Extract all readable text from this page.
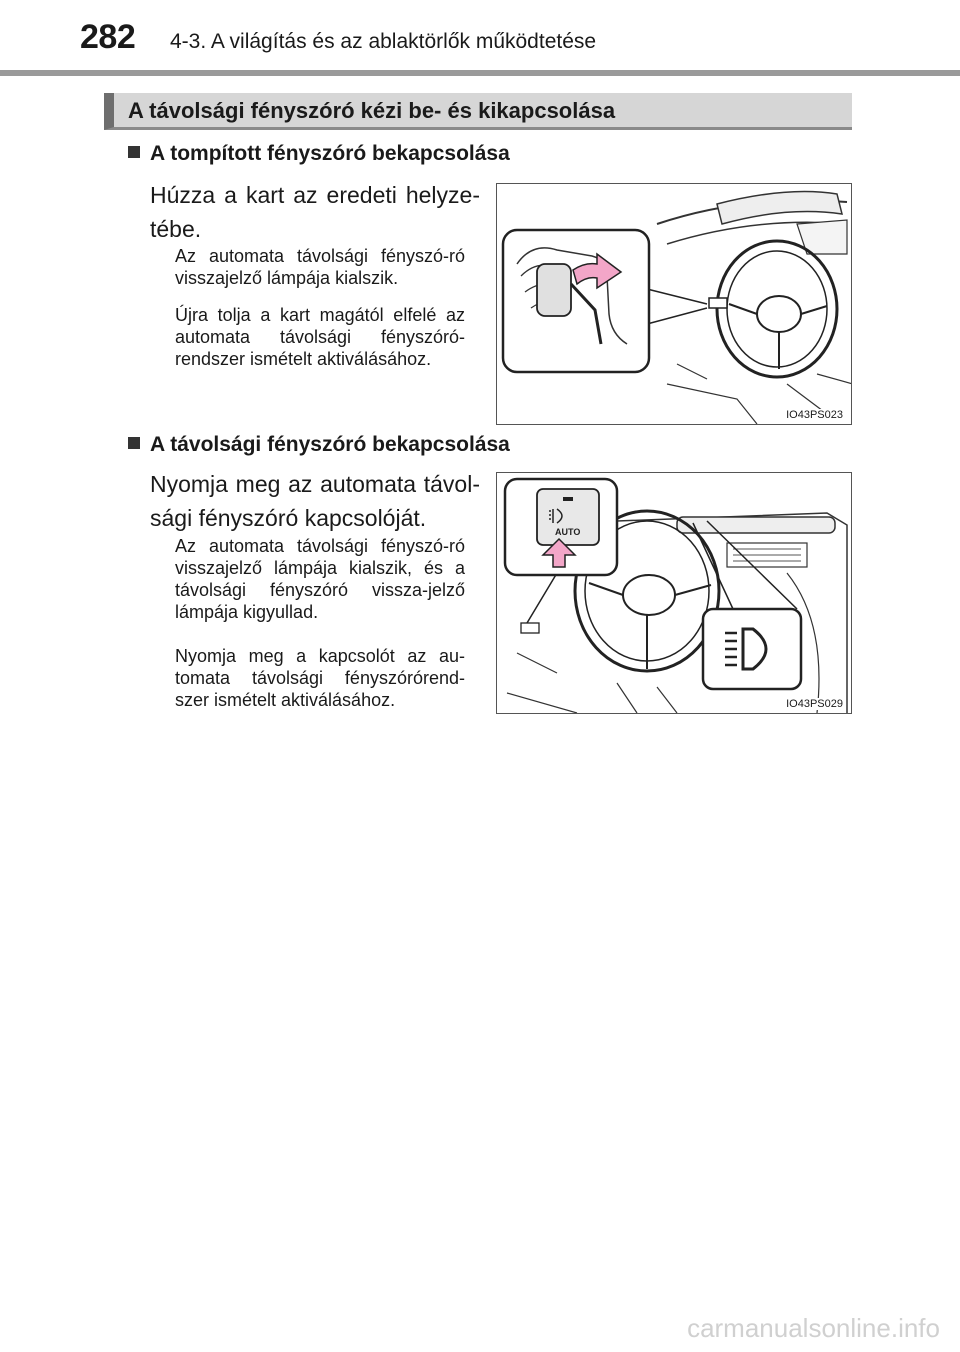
282 4-3. A világítás és az ablaktörlők működtetése
A távolsági fényszóró kézi be- és kikapcsolása
A tompított fényszóró bekapcsolása
Húzza a kart az eredeti helyze-tébe.
Az automata távolsági fényszó-ró visszajelző lámpája kialszik.
Újra tolja a kart magától elfelé az automata távolsági fényszóró-rendszer ismételt aktiválásához.
IO43PS023
A távolsági fényszóró bekapcsolása
Nyomja meg az automata távol-sági fényszóró kapcsolóját.
Az automata távolsági fényszó-ró visszajelző lámpája kialszik, és a távolsági fényszóró vissza-jelző lámpája kigyullad.
Nyomja meg a kapcsolót az au-tomata távolsági fényszórórend-szer ismételt aktiválásához.
AUTO
IO43PS029
carmanualsonline.info
